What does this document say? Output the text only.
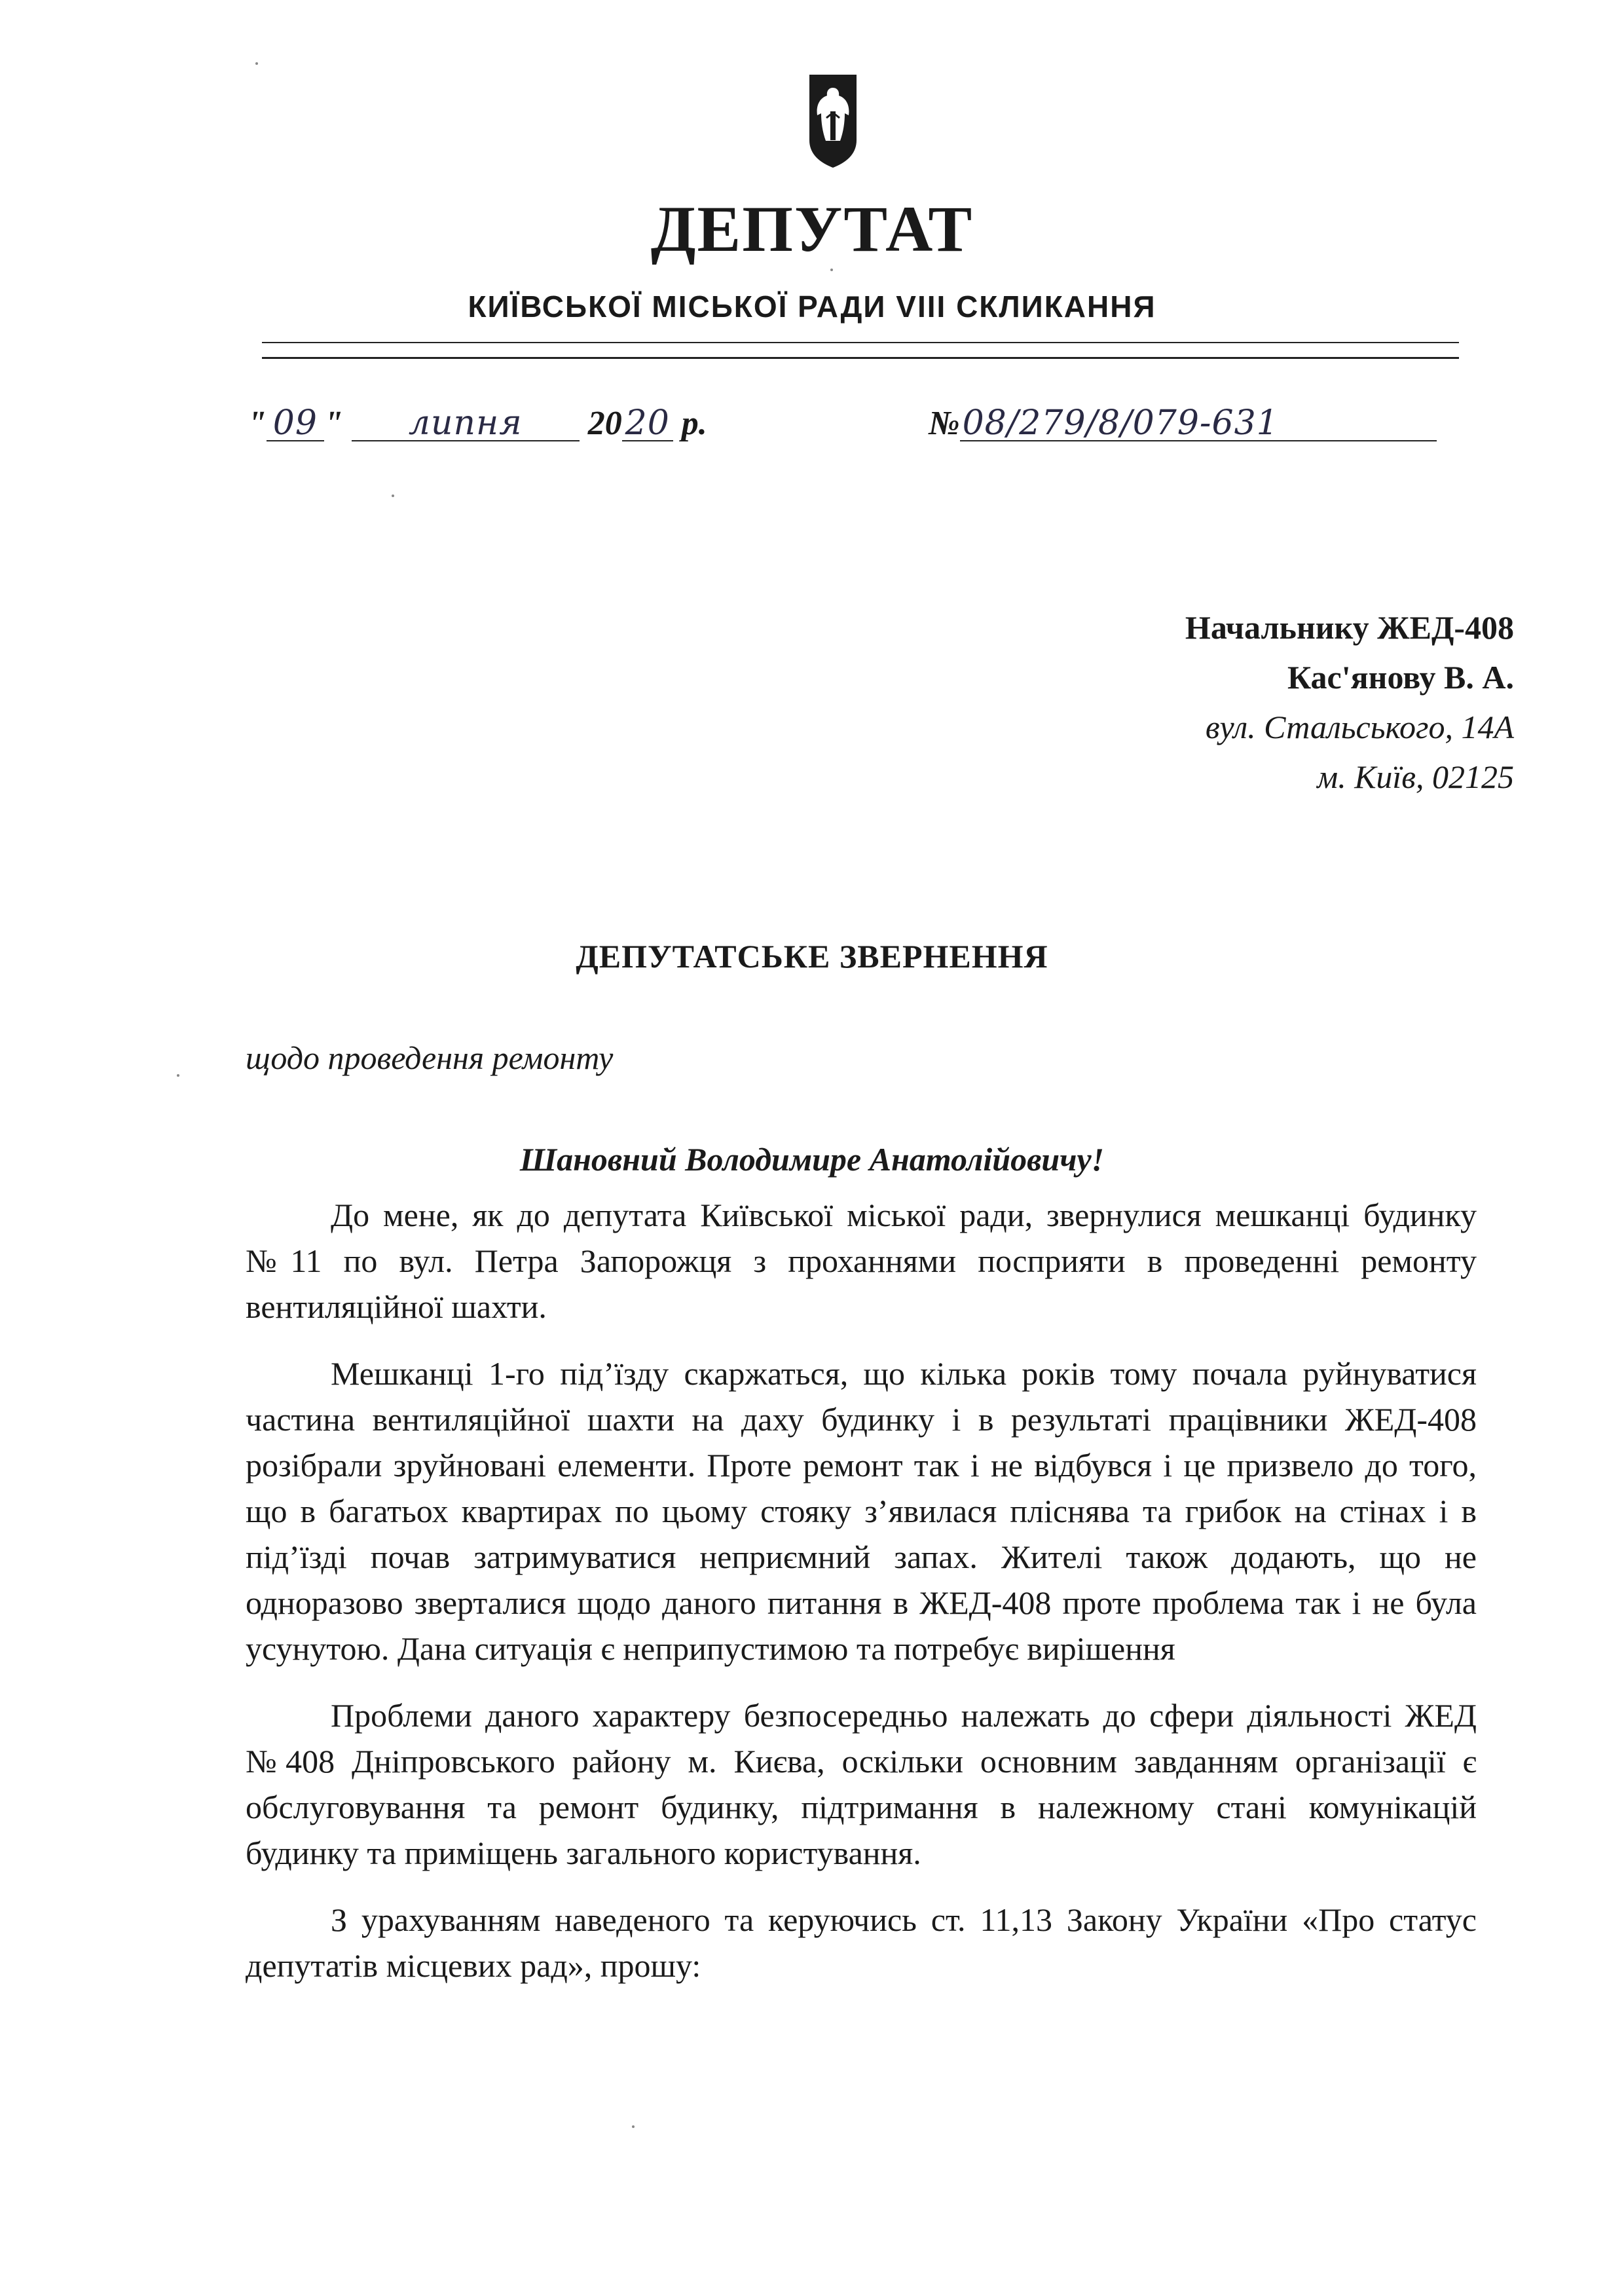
ДЕПУТАТ
КИЇВСЬКОЇ МІСЬКОЇ РАДИ VIII СКЛИКАННЯ
" 09 " липня 2020 р.	№08/279/8/079-631
Начальнику ЖЕД-408
Кас'янову В. А.
вул. Стальського, 14А
м. Київ, 02125
ДЕПУТАТСЬКЕ ЗВЕРНЕННЯ
щодо проведення ремонту
Шановний Володимире Анатолійовичу!

До мене, як до депутата Київської міської ради, звернулися мешканці будинку №11 по вул. Петра Запорожця з проханнями посприяти в проведенні ремонту вентиляційної шахти.

Мешканці 1-го під’їзду скаржаться, що кілька років тому почала руйнуватися частина вентиляційної шахти на даху будинку і в результаті працівники ЖЕД-408 розібрали зруйновані елементи. Проте ремонт так і не відбувся і це призвело до того, що в багатьох квартирах по цьому стояку з’явилася пліснява та грибок на стінах і в під’їзді почав затримуватися неприємний запах. Жителі також додають, що не одноразово зверталися щодо даного питання в ЖЕД-408 проте проблема так і не була усунутою. Дана ситуація є неприпустимою та потребує вирішення

Проблеми даного характеру безпосередньо належать до сфери діяльності ЖЕД №408 Дніпровського району м. Києва, оскільки основним завданням організації є обслуговування та ремонт будинку, підтримання в належному стані комунікацій будинку та приміщень загального користування.

З урахуванням наведеного та керуючись ст. 11,13 Закону України «Про статус депутатів місцевих рад», прошу:
